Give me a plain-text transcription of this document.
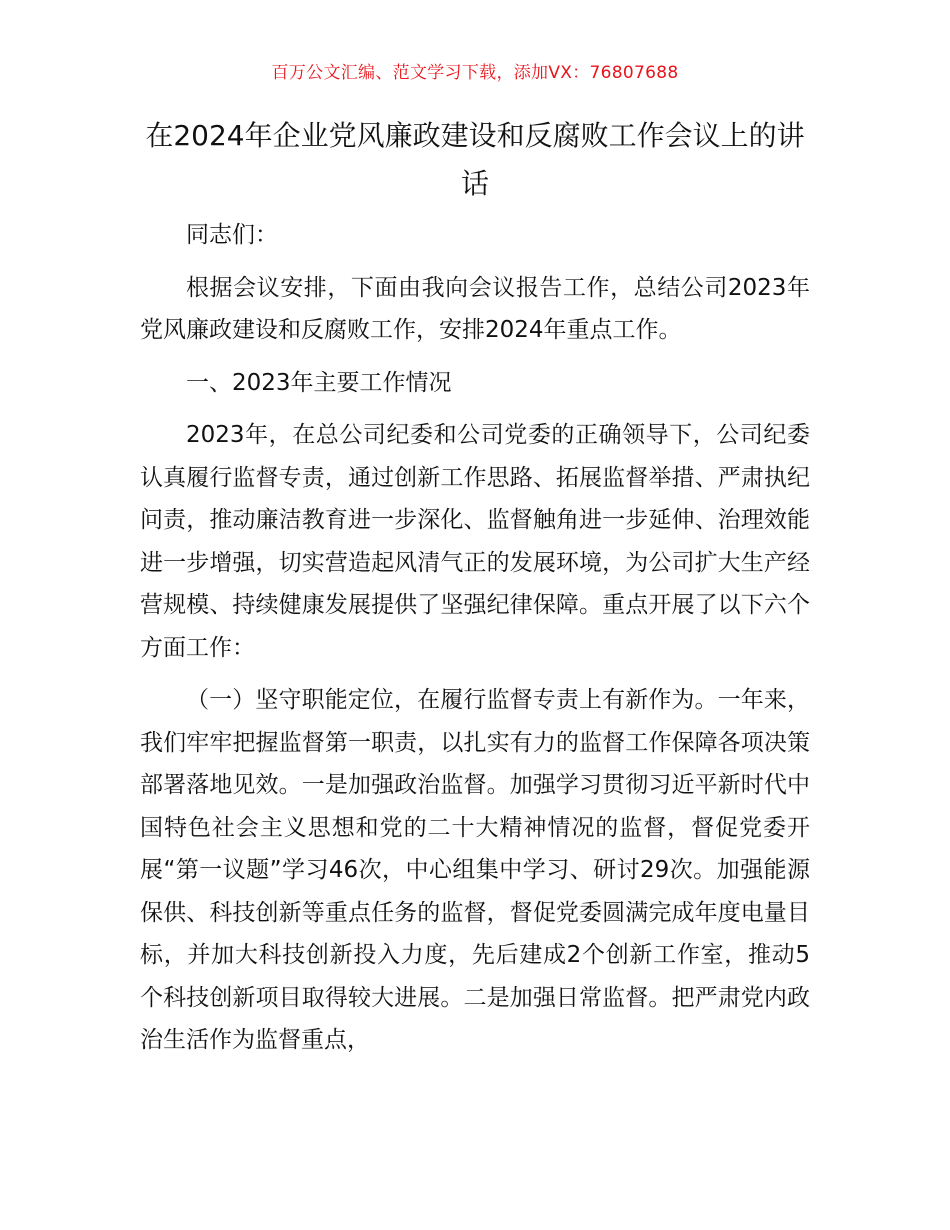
百万公文汇编、范文学习下载，添加VX：76807688
在2024年企业党风廉政建设和反腐败工作会议上的讲话

同志们：

根据会议安排，下面由我向会议报告工作，总结公司2023年党风廉政建设和反腐败工作，安排2024年重点工作。

一、2023年主要工作情况

2023年，在总公司纪委和公司党委的正确领导下，公司纪委认真履行监督专责，通过创新工作思路、拓展监督举措、严肃执纪问责，推动廉洁教育进一步深化、监督触角进一步延伸、治理效能进一步增强，切实营造起风清气正的发展环境，为公司扩大生产经营规模、持续健康发展提供了坚强纪律保障。重点开展了以下六个方面工作：

（一）坚守职能定位，在履行监督专责上有新作为。一年来，我们牢牢把握监督第一职责，以扎实有力的监督工作保障各项决策部署落地见效。一是加强政治监督。加强学习贯彻习近平新时代中国特色社会主义思想和党的二十大精神情况的监督，督促党委开展“第一议题”学习46次，中心组集中学习、研讨29次。加强能源保供、科技创新等重点任务的监督，督促党委圆满完成年度电量目标，并加大科技创新投入力度，先后建成2个创新工作室，推动5个科技创新项目取得较大进展。二是加强日常监督。把严肃党内政治生活作为监督重点，
